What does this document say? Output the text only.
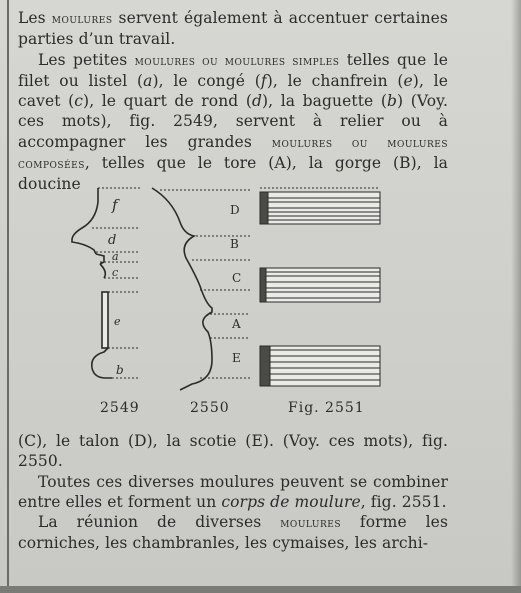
Les moulures servent également à accentuer certaines parties d’un travail.
Les petites moulures ou moulures simples telles que le filet ou listel (a), le congé (f), le chanfrein (e), le cavet (c), le quart de rond (d), la baguette (b) (Voy. ces mots), fig. 2549, servent à relier ou à accompagner les grandes moulures ou moulures composées, telles que le tore (A), la gorge (B), la doucine
f
d
a
c
e
b
D
B
C
A
E
2549	2550	Fig. 2551
(C), le talon (D), la scotie (E). (Voy. ces mots), fig. 2550.
Toutes ces diverses moulures peuvent se combiner entre elles et forment un corps de moulure, fig. 2551.
La réunion de diverses moulures forme les corniches, les chambranles, les cymaises, les archi-
